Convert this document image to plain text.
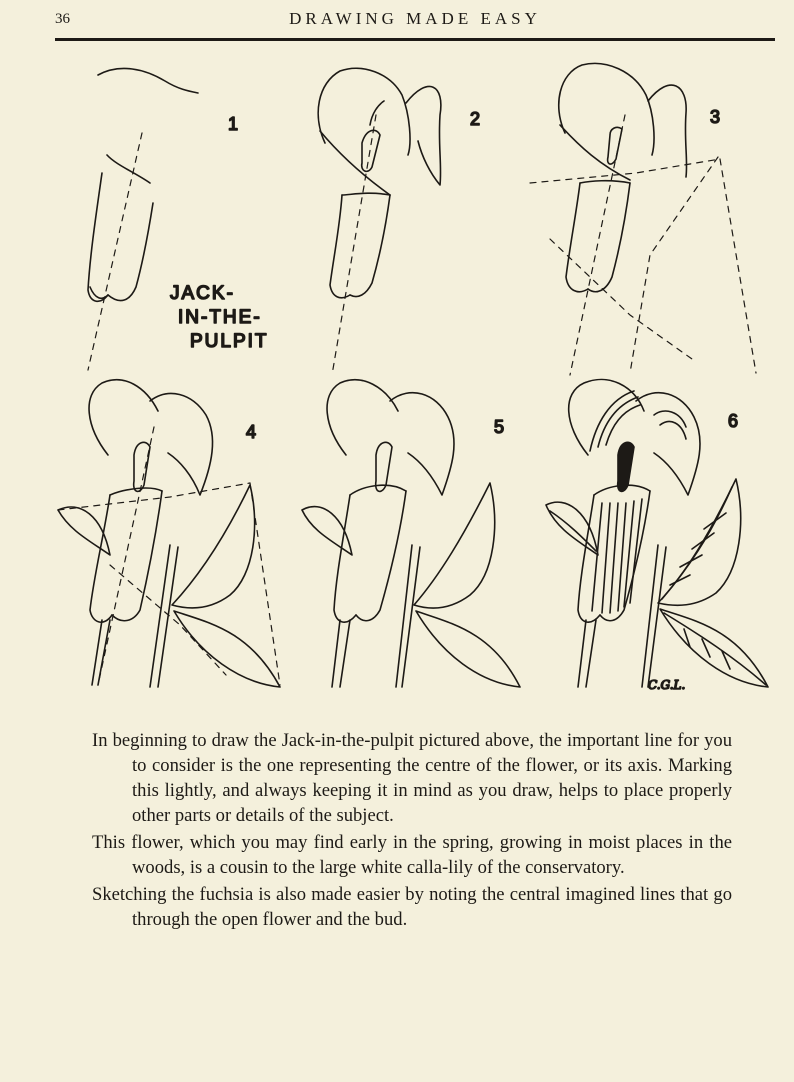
36	DRAWING MADE EASY
1
JACK-
IN-THE-
PULPIT
2	3
4	5	6
C.G.L.

In beginning to draw the Jack-in-the-pulpit pictured above, the important line for you to consider is the one representing the centre of the flower, or its axis. Marking this lightly, and always keeping it in mind as you draw, helps to place properly other parts or details of the subject.

This flower, which you may find early in the spring, growing in moist places in the woods, is a cousin to the large white calla-lily of the conservatory.

Sketching the fuchsia is also made easier by noting the central imagined lines that go through the open flower and the bud.
